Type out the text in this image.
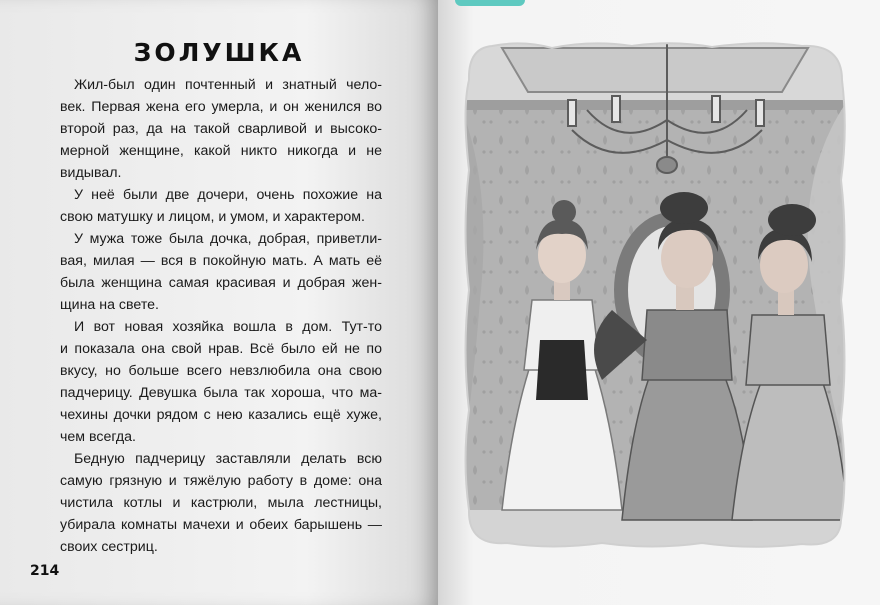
ЗОЛУШКА
Жил-был один почтенный и знатный чело-
век. Первая жена его умерла, и он женился во
второй раз, да на такой сварливой и высоко-
мерной женщине, какой никто никогда и не
видывал.
У неё были две дочери, очень похожие на
свою матушку и лицом, и умом, и характером.
У мужа тоже была дочка, добрая, приветли-
вая, милая — вся в покойную мать. А мать её
была женщина самая красивая и добрая жен-
щина на свете.
И вот новая хозяйка вошла в дом. Тут-то
и показала она свой нрав. Всё было ей не по
вкусу, но больше всего невзлюбила она свою
падчерицу. Девушка была так хороша, что ма-
чехины дочки рядом с нею казались ещё хуже,
чем всегда.
Бедную падчерицу заставляли делать всю
самую грязную и тяжёлую работу в доме: она
чистила котлы и кастрюли, мыла лестницы,
убирала комнаты мачехи и обеих барышень —
своих сестриц.
214
